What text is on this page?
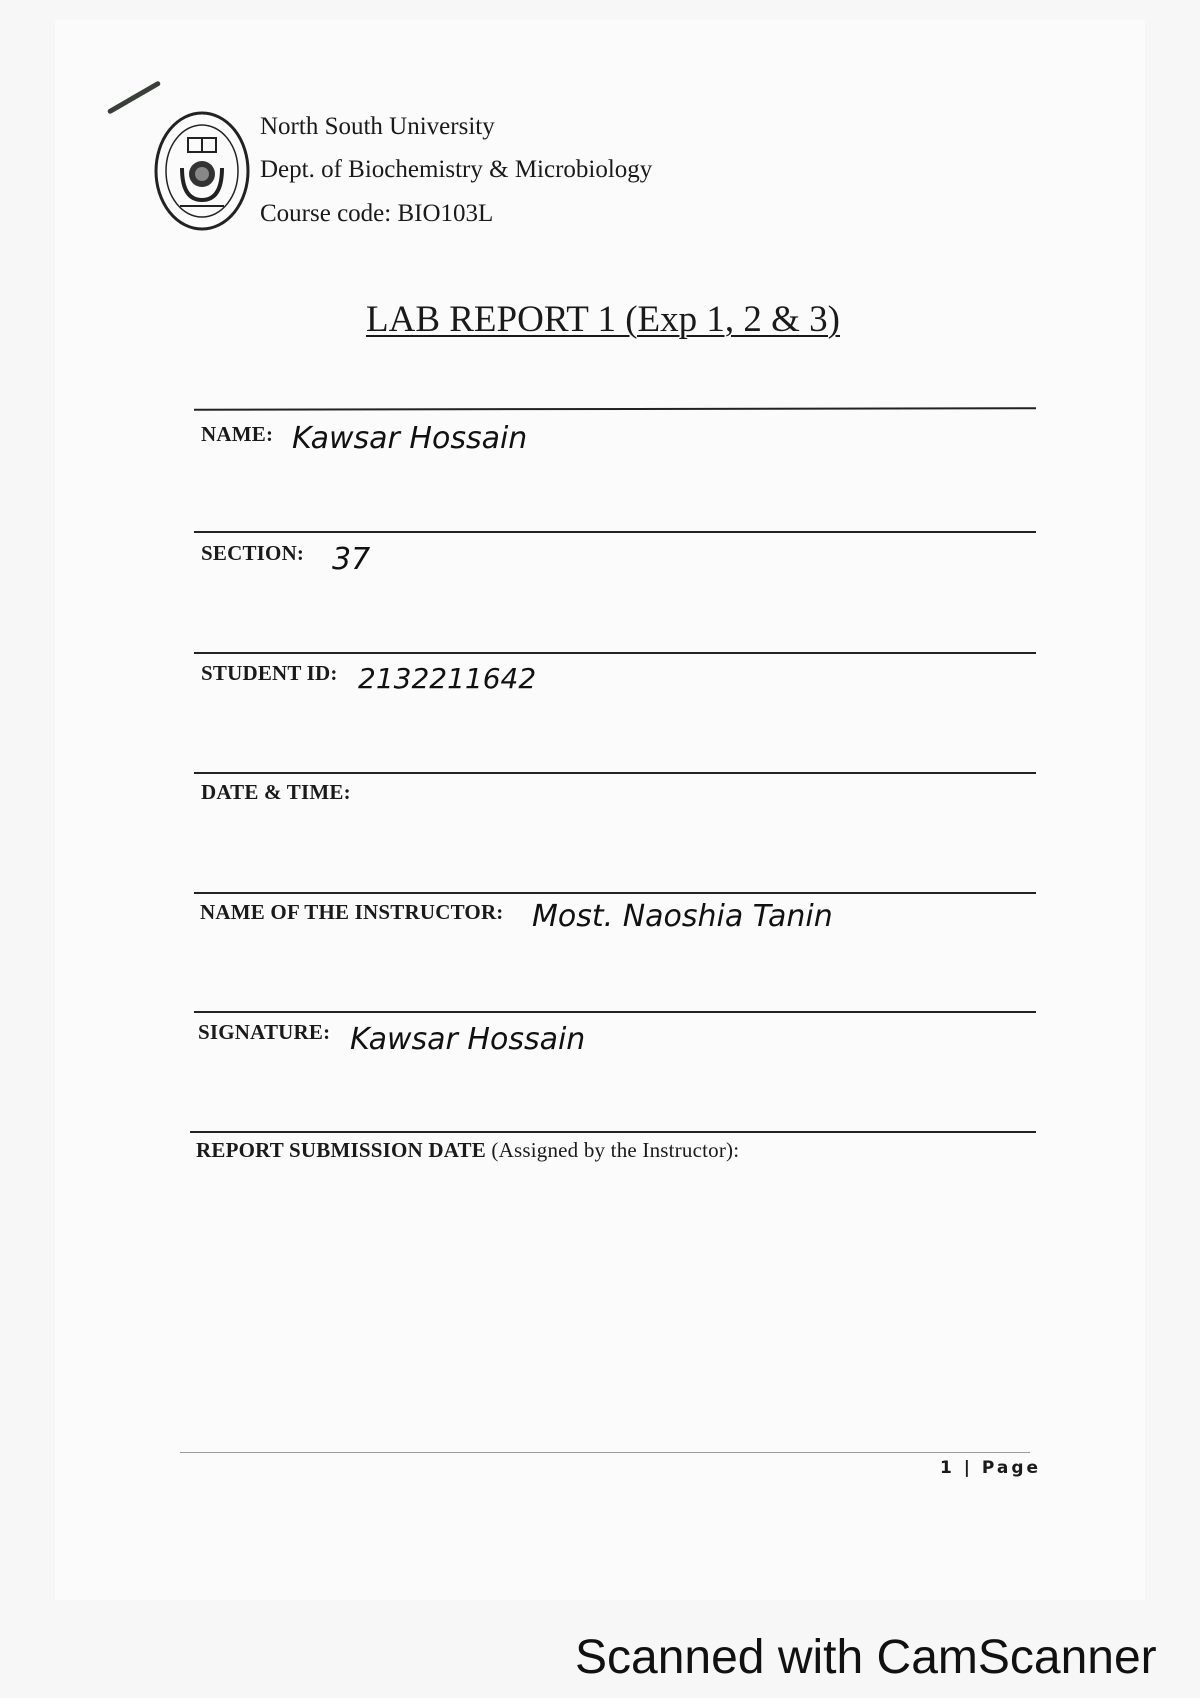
North South University
Dept. of Biochemistry & Microbiology
Course code: BIO103L
LAB REPORT 1 (Exp 1, 2 & 3)
NAME: Kawsar Hossain
SECTION: 37
STUDENT ID: 2132211642
DATE & TIME:
NAME OF THE INSTRUCTOR: Most. Naoshia Tanin
SIGNATURE: Kawsar Hossain
REPORT SUBMISSION DATE (Assigned by the Instructor):
1 | Page
Scanned with CamScanner
